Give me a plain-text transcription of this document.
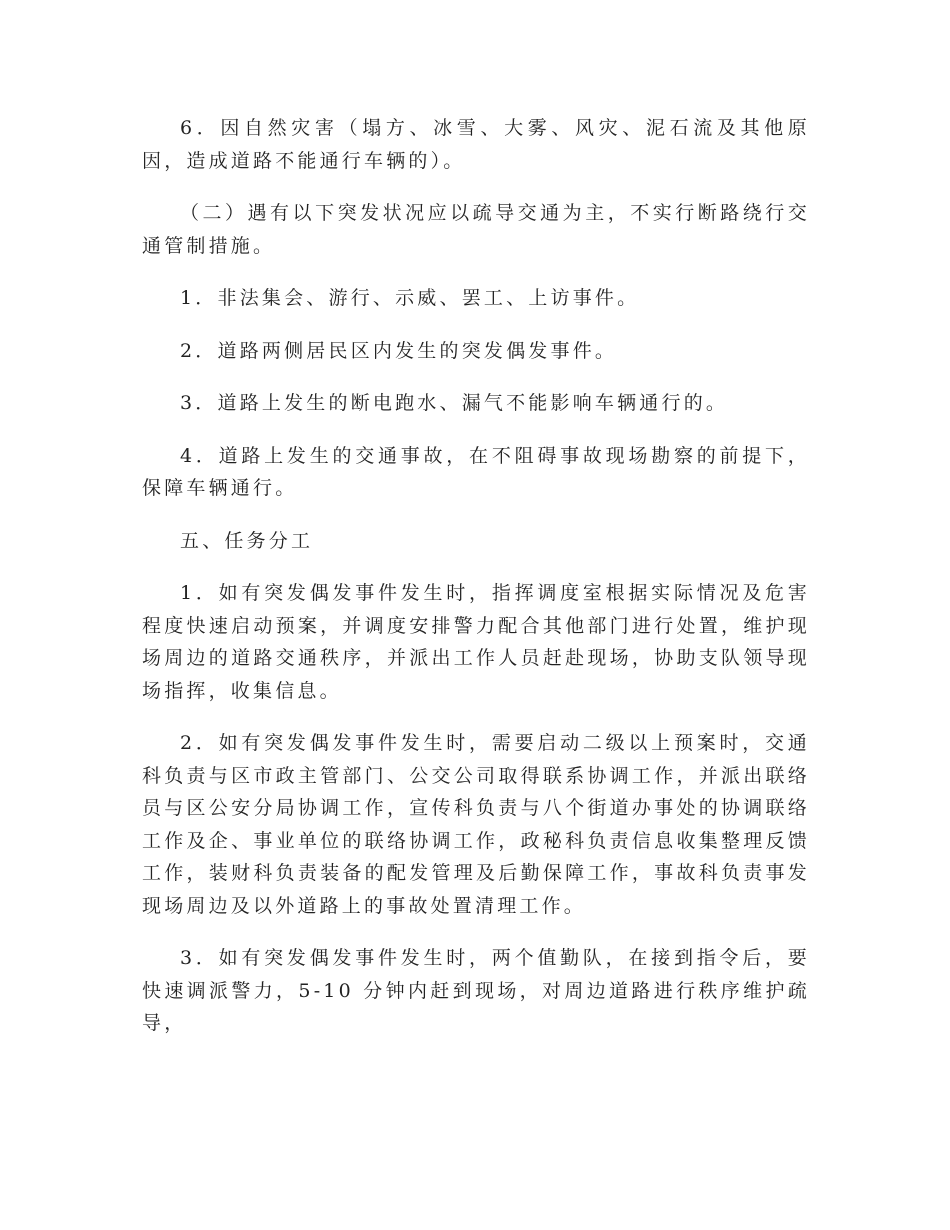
6．因自然灾害（塌方、冰雪、大雾、风灾、泥石流及其他原因，造成道路不能通行车辆的）。

（二）遇有以下突发状况应以疏导交通为主，不实行断路绕行交通管制措施。

1．非法集会、游行、示威、罢工、上访事件。

2．道路两侧居民区内发生的突发偶发事件。

3．道路上发生的断电跑水、漏气不能影响车辆通行的。

4．道路上发生的交通事故，在不阻碍事故现场勘察的前提下，保障车辆通行。

五、任务分工

1．如有突发偶发事件发生时，指挥调度室根据实际情况及危害程度快速启动预案，并调度安排警力配合其他部门进行处置，维护现场周边的道路交通秩序，并派出工作人员赶赴现场，协助支队领导现场指挥，收集信息。

2．如有突发偶发事件发生时，需要启动二级以上预案时，交通科负责与区市政主管部门、公交公司取得联系协调工作，并派出联络员与区公安分局协调工作，宣传科负责与八个街道办事处的协调联络工作及企、事业单位的联络协调工作，政秘科负责信息收集整理反馈工作，装财科负责装备的配发管理及后勤保障工作，事故科负责事发现场周边及以外道路上的事故处置清理工作。

3．如有突发偶发事件发生时，两个值勤队，在接到指令后，要快速调派警力，5-10 分钟内赶到现场，对周边道路进行秩序维护疏导，
